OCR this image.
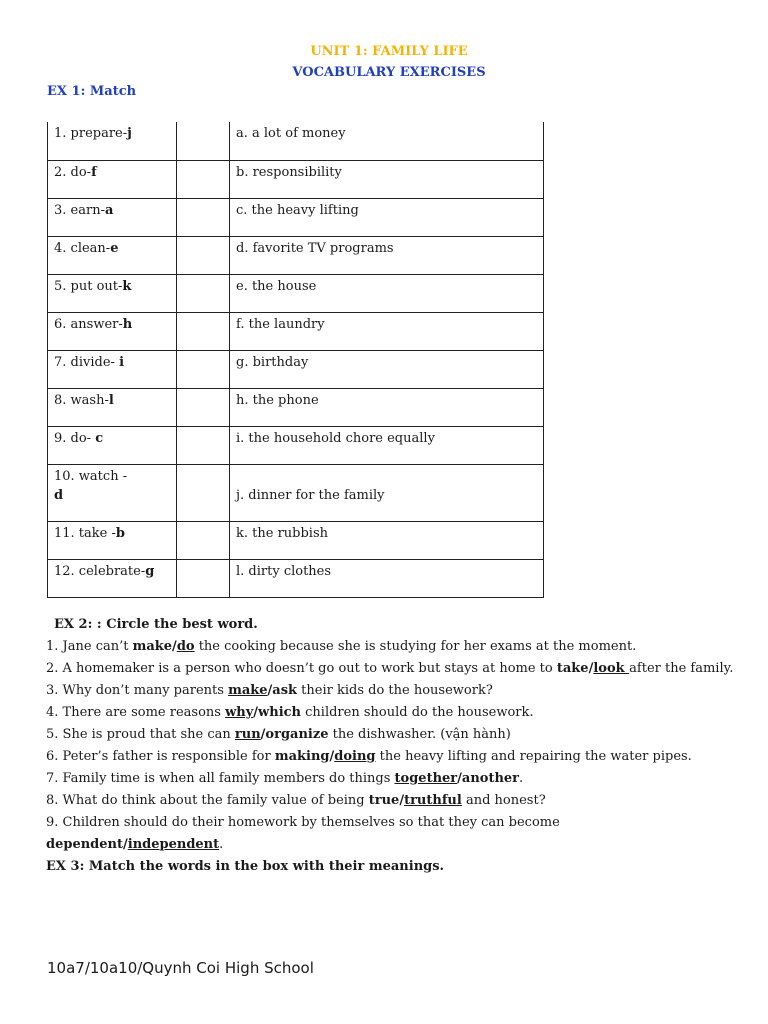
UNIT 1: FAMILY LIFE
VOCABULARY EXERCISES
EX 1: Match
1. prepare-j		a. a lot of money

2. do-f		b. responsibility

3. earn-a		c. the heavy lifting

4. clean-e		d. favorite TV programs

5. put out-k		e. the house

6. answer-h		f. the laundry

7. divide- i		g. birthday

8. wash-l		h. the phone

9. do- c		i. the household chore equally

10. watch -
d		j. dinner for the family

11. take -b		k. the rubbish

12. celebrate-g		l. dirty clothes

EX 2: : Circle the best word.

1. Jane can’t make/do the cooking because she is studying for her exams at the moment.

2. A homemaker is a person who doesn’t go out to work but stays at home to take/look after the family.

3. Why don’t many parents make/ask their kids do the housework?

4. There are some reasons why/which children should do the housework.

5. She is proud that she can run/organize the dishwasher. (vận hành)

6. Peter’s father is responsible for making/doing the heavy lifting and repairing the water pipes.

7. Family time is when all family members do things together/another.

8. What do think about the family value of being true/truthful and honest?

9. Children should do their homework by themselves so that they can become dependent/independent.

EX 3: Match the words in the box with their meanings.

10a7/10a10/Quynh Coi High School
